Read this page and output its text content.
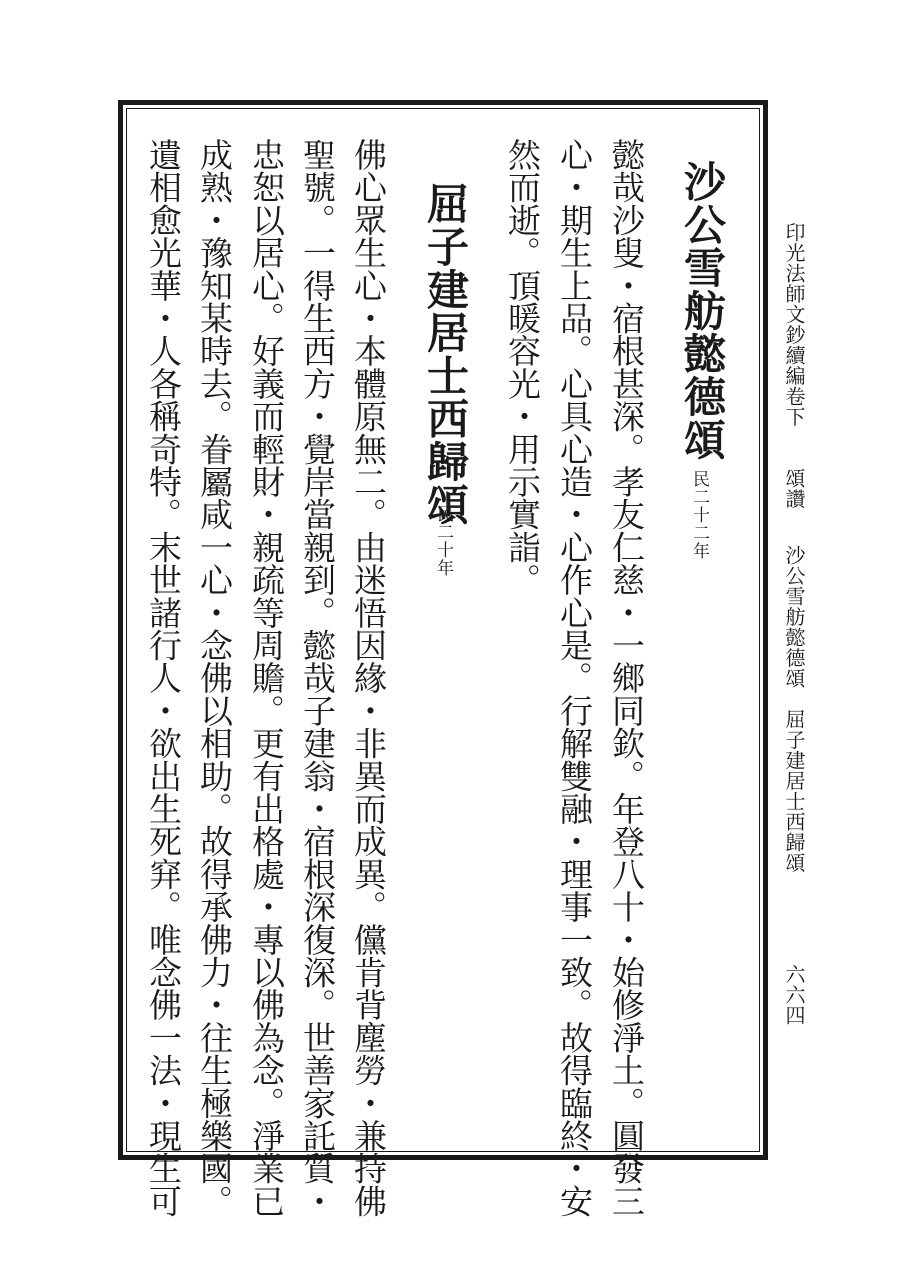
印光法師文鈔續編卷下
頌讚
沙公雪舫懿德頌　屈子建居士西歸頌
六六四
沙公雪舫懿德頌
民二十二年
懿哉沙叟・宿根甚深。孝友仁慈・一鄉同欽。年登八十・始修淨土。圓發三
心・期生上品。心具心造・心作心是。行解雙融・理事一致。故得臨終・安
然而逝。頂暖容光・用示實詣。
屈子建居士西歸頌
民二十年
佛心眾生心・本體原無二。由迷悟因緣・非異而成異。儻肯背塵勞・兼持佛
聖號。一得生西方・覺岸當親到。懿哉子建翁・宿根深復深。世善家託質・
忠恕以居心。好義而輕財・親疏等周贍。更有出格處・專以佛為念。淨業已
成熟・豫知某時去。眷屬咸一心・念佛以相助。故得承佛力・往生極樂國。
遺相愈光華・人各稱奇特。末世諸行人・欲出生死穽。唯念佛一法・現生可
